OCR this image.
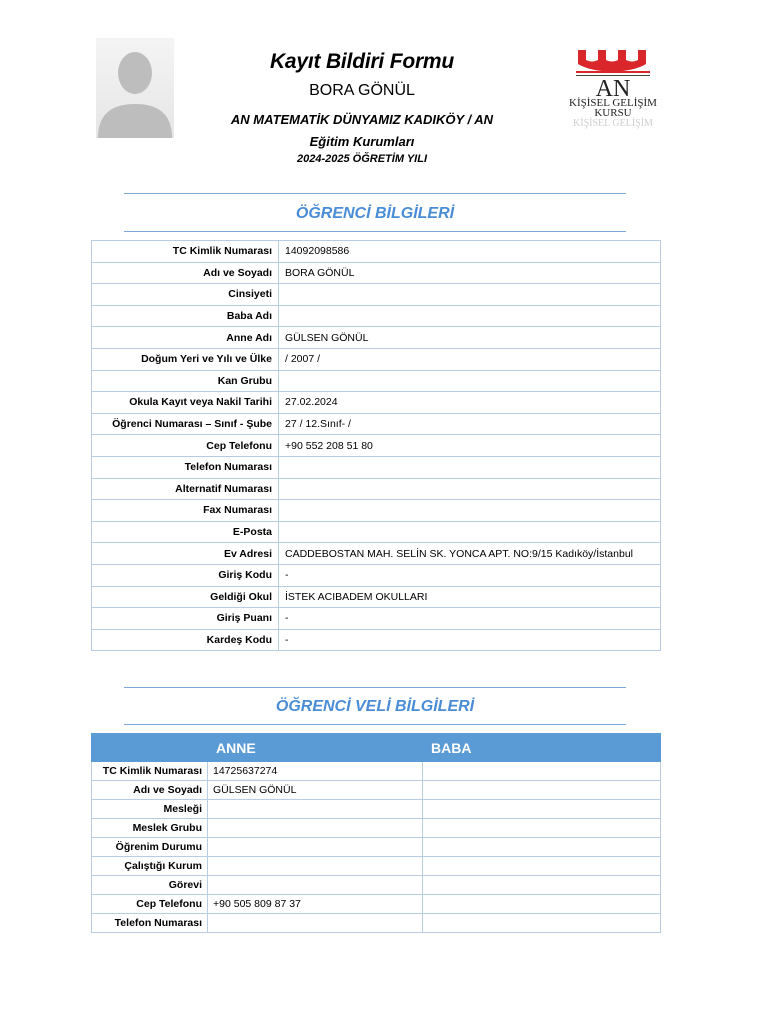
Kayıt Bildiri Formu
BORA GÖNÜL
AN MATEMATİK DÜNYAMIZ KADIKÖY / AN
Eğitim Kurumları
2024-2025 ÖĞRETİM YILI
AN
KİŞİSEL GELİŞİM
KURSU
KİŞİSEL GELİŞİM
ÖĞRENCİ BİLGİLERİ
TC Kimlik Numarası	14092098586
Adı ve Soyadı	BORA GÖNÜL
Cinsiyeti	
Baba Adı	
Anne Adı	GÜLSEN GÖNÜL
Doğum Yeri ve Yılı ve Ülke	/ 2007 /
Kan Grubu	
Okula Kayıt veya Nakil Tarihi	27.02.2024
Öğrenci Numarası – Sınıf - Şube	27 / 12.Sınıf- /
Cep Telefonu	+90 552 208 51 80
Telefon Numarası	
Alternatif Numarası	
Fax Numarası	
E-Posta	
Ev Adresi	CADDEBOSTAN MAH. SELİN SK. YONCA APT. NO:9/15 Kadıköy/İstanbul
Giriş Kodu	-
Geldiği Okul	İSTEK ACIBADEM OKULLARI
Giriş Puanı	-
Kardeş Kodu	-
ÖĞRENCİ VELİ BİLGİLERİ
	ANNE	BABA
TC Kimlik Numarası	14725637274	
Adı ve Soyadı	GÜLSEN GÖNÜL	
Mesleği		
Meslek Grubu		
Öğrenim Durumu		
Çalıştığı Kurum		
Görevi		
Cep Telefonu	+90 505 809 87 37	
Telefon Numarası		
